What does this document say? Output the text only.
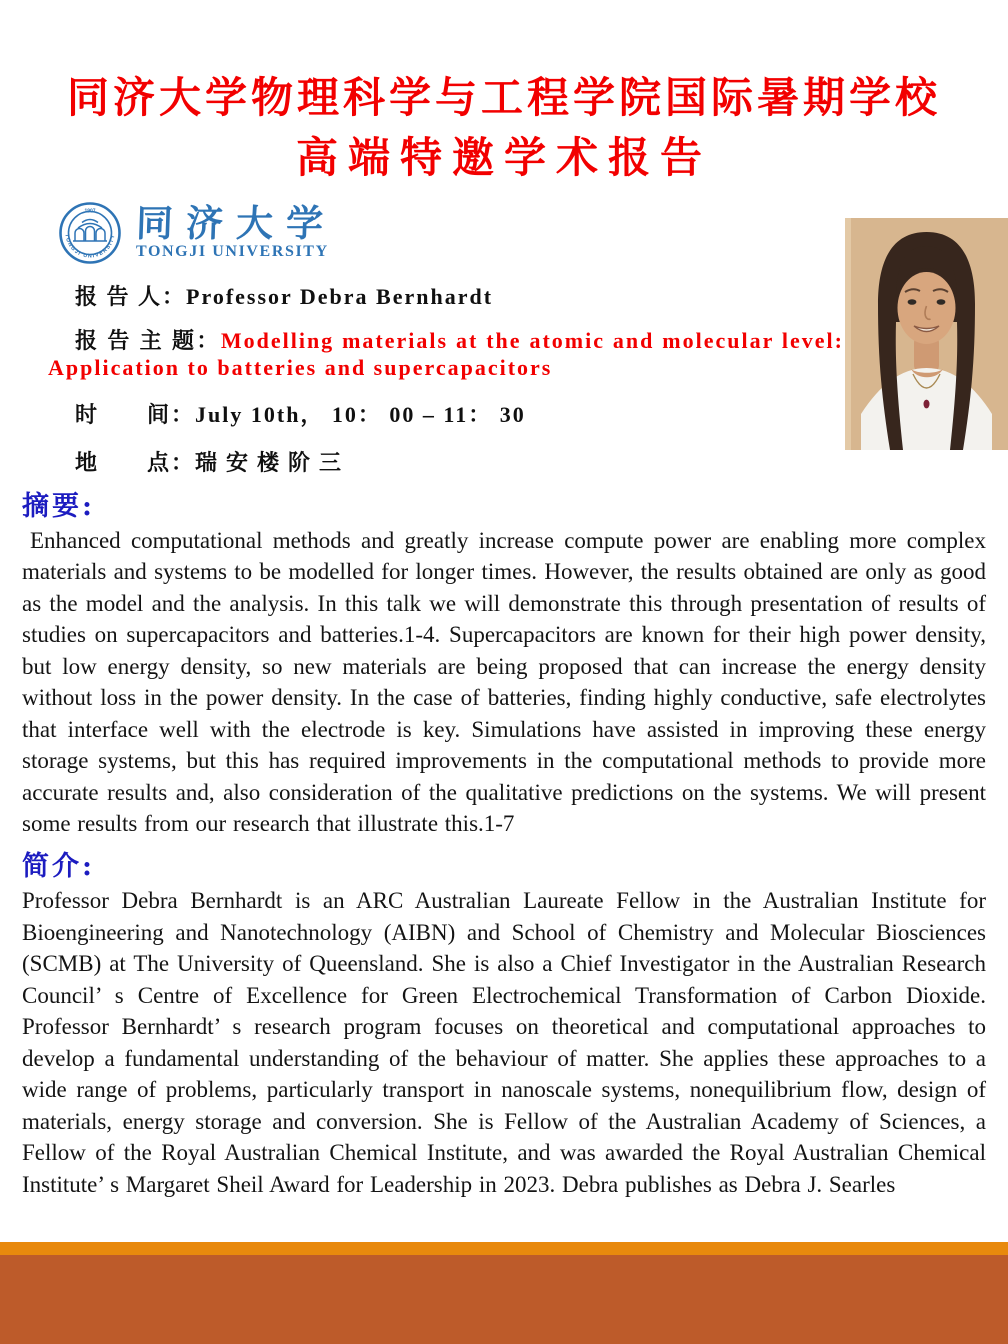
同济大学物理科学与工程学院国际暑期学校
高端特邀学术报告
1907
TONGJI UNIVERSITY 同济大学
TONGJI UNIVERSITY

报 告 人：Professor Debra Bernhardt

报 告 主 题：Modelling materials at the atomic and molecular level: Application to batteries and supercapacitors

时　　间：July 10th， 10： 00 – 11： 30

地　　点：瑞安楼阶三

摘要:

Enhanced computational methods and greatly increase compute power are enabling more complex materials and systems to be modelled for longer times. However, the results obtained are only as good as the model and the analysis. In this talk we will demonstrate this through presentation of results of studies on supercapacitors and batteries.1-4. Supercapacitors are known for their high power density, but low energy density, so new materials are being proposed that can increase the energy density without loss in the power density. In the case of batteries, finding highly conductive, safe electrolytes that interface well with the electrode is key. Simulations have assisted in improving these energy storage systems, but this has required improvements in the computational methods to provide more accurate results and, also consideration of the qualitative predictions on the systems. We will present some results from our research that illustrate this.1-7

简介:

Professor Debra Bernhardt is an ARC Australian Laureate Fellow in the Australian Institute for Bioengineering and Nanotechnology (AIBN) and School of Chemistry and Molecular Biosciences (SCMB) at The University of Queensland. She is also a Chief Investigator in the Australian Research Council’ s Centre of Excellence for Green Electrochemical Transformation of Carbon Dioxide. Professor Bernhardt’ s research program focuses on theoretical and computational approaches to develop a fundamental understanding of the behaviour of matter. She applies these approaches to a wide range of problems, particularly transport in nanoscale systems, nonequilibrium flow, design of materials, energy storage and conversion. She is Fellow of the Australian Academy of Sciences, a Fellow of the Royal Australian Chemical Institute, and was awarded the Royal Australian Chemical Institute’ s Margaret Sheil Award for Leadership in 2023. Debra publishes as Debra J. Searles
